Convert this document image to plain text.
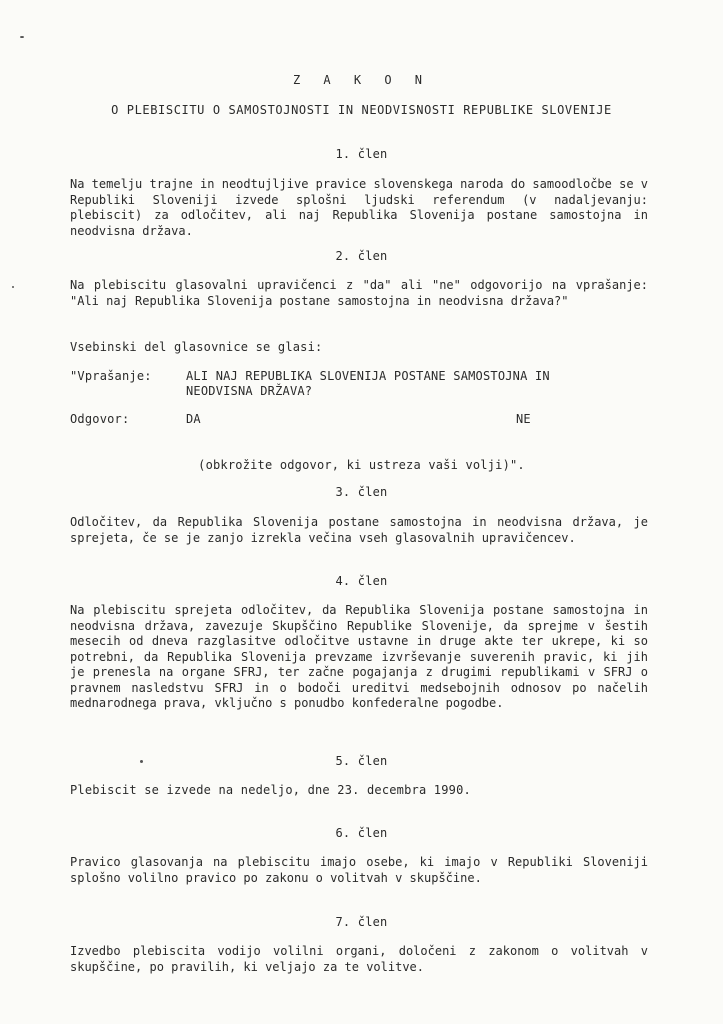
Z A K O N
O PLEBISCITU O SAMOSTOJNOSTI IN NEODVISNOSTI REPUBLIKE SLOVENIJE
1. člen
Na temelju trajne in neodtujljive pravice slovenskega naroda do samoodločbe se v Republiki Sloveniji izvede splošni ljudski referendum (v nadaljevanju: plebiscit) za odločitev, ali naj Republika Slovenija postane samostojna in neodvisna država.
2. člen
Na plebiscitu glasovalni upravičenci z "da" ali "ne" odgovorijo na vprašanje: "Ali naj Republika Slovenija postane samostojna in neodvisna država?"
Vsebinski del glasovnice se glasi:
"Vprašanje:	ALI NAJ REPUBLIKA SLOVENIJA POSTANE SAMOSTOJNA IN
NEODVISNA DRŽAVA?
Odgovor:	DA	NE
(obkrožite odgovor, ki ustreza vaši volji)".
3. člen
Odločitev, da Republika Slovenija postane samostojna in neodvisna država, je sprejeta, če se je zanjo izrekla večina vseh glasovalnih upravičencev.
4. člen
Na plebiscitu sprejeta odločitev, da Republika Slovenija postane samostojna in neodvisna država, zavezuje Skupščino Republike Slovenije, da sprejme v šestih mesecih od dneva razglasitve odločitve ustavne in druge akte ter ukrepe, ki so potrebni, da Republika Slovenija prevzame izvrševanje suverenih pravic, ki jih je prenesla na organe SFRJ, ter začne pogajanja z drugimi republikami v SFRJ o pravnem nasledstvu SFRJ in o bodoči ureditvi medsebojnih odnosov po načelih mednarodnega prava, vključno s ponudbo konfederalne pogodbe.
5. člen
Plebiscit se izvede na nedeljo, dne 23. decembra 1990.
6. člen
Pravico glasovanja na plebiscitu imajo osebe, ki imajo v Republiki Sloveniji splošno volilno pravico po zakonu o volitvah v skupščine.
7. člen
Izvedbo plebiscita vodijo volilni organi, določeni z zakonom o volitvah v skupščine, po pravilih, ki veljajo za te volitve.
